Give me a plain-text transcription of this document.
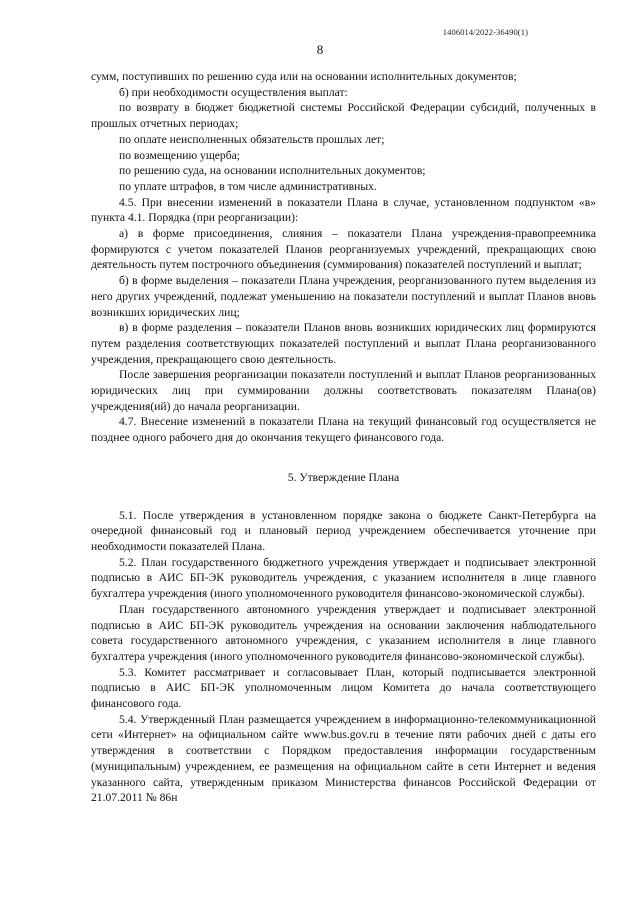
1406014/2022-36490(1)
8

сумм, поступивших по решению суда или на основании исполнительных документов;

б) при необходимости осуществления выплат:

по возврату в бюджет бюджетной системы Российской Федерации субсидий, полученных в прошлых отчетных периодах;

по оплате неисполненных обязательств прошлых лет;

по возмещению ущерба;

по решению суда, на основании исполнительных документов;

по уплате штрафов, в том числе административных.

4.5. При внесении изменений в показатели Плана в случае, установленном подпунктом «в» пункта 4.1. Порядка (при реорганизации):

а) в форме присоединения, слияния – показатели Плана учреждения-правопреемника формируются с учетом показателей Планов реорганизуемых учреждений, прекращающих свою деятельность путем построчного объединения (суммирования) показателей поступлений и выплат;

б) в форме выделения – показатели Плана учреждения, реорганизованного путем выделения из него других учреждений, подлежат уменьшению на показатели поступлений и выплат Планов вновь возникших юридических лиц;

в) в форме разделения – показатели Планов вновь возникших юридических лиц формируются путем разделения соответствующих показателей поступлений и выплат Плана реорганизованного учреждения, прекращающего свою деятельность.

После завершения реорганизации показатели поступлений и выплат Планов реорганизованных юридических лиц при суммировании должны соответствовать показателям Плана(ов) учреждения(ий) до начала реорганизации.

4.7. Внесение изменений в показатели Плана на текущий финансовый год осуществляется не позднее одного рабочего дня до окончания текущего финансового года.

5. Утверждение Плана

5.1. После утверждения в установленном порядке закона о бюджете Санкт-Петербурга на очередной финансовый год и плановый период учреждением обеспечивается уточнение при необходимости показателей Плана.

5.2. План государственного бюджетного учреждения утверждает и подписывает электронной подписью в АИС БП-ЭК руководитель учреждения, с указанием исполнителя в лице главного бухгалтера учреждения (иного уполномоченного руководителя финансово-экономической службы).

План государственного автономного учреждения утверждает и подписывает электронной подписью в АИС БП-ЭК руководитель учреждения на основании заключения наблюдательного совета государственного автономного учреждения, с указанием исполнителя в лице главного бухгалтера учреждения (иного уполномоченного руководителя финансово-экономической службы).

5.3. Комитет рассматривает и согласовывает План, который подписывается электронной подписью в АИС БП-ЭК уполномоченным лицом Комитета до начала соответствующего финансового года.

5.4. Утвержденный План размещается учреждением в информационно-телекоммуникационной сети «Интернет» на официальном сайте www.bus.gov.ru в течение пяти рабочих дней с даты его утверждения в соответствии с Порядком предоставления информации государственным (муниципальным) учреждением, ее размещения на официальном сайте в сети Интернет и ведения указанного сайта, утвержденным приказом Министерства финансов Российской Федерации от 21.07.2011 № 86н
